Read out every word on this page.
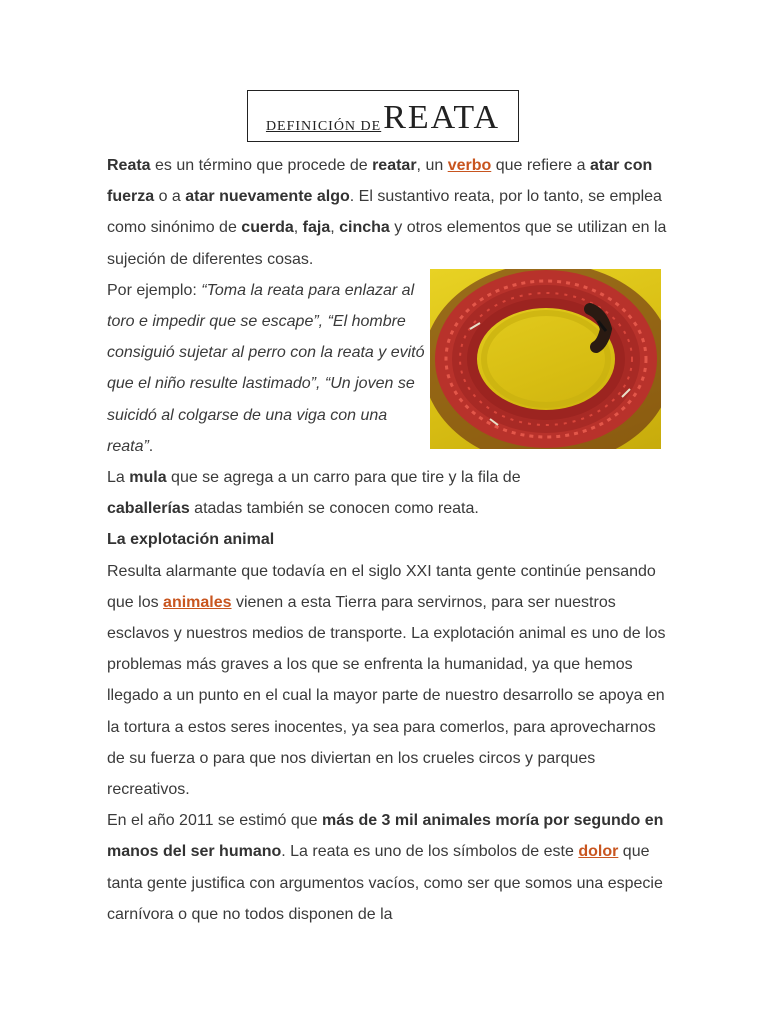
DEFINICIÓN DE REATA

Reata es un término que procede de reatar, un verbo que refiere a atar con fuerza o a atar nuevamente algo. El sustantivo reata, por lo tanto, se emplea como sinónimo de cuerda, faja, cincha y otros elementos que se utilizan en la sujeción de diferentes cosas.

Por ejemplo: “Toma la reata para enlazar al toro e impedir que se escape”, “El hombre consiguió sujetar al perro con la reata y evitó que el niño resulte lastimado”, “Un joven se suicidó al colgarse de una viga con una reata”.

La mula que se agrega a un carro para que tire y la fila de caballerías atadas también se conocen como reata.

La explotación animal

Resulta alarmante que todavía en el siglo XXI tanta gente continúe pensando que los animales vienen a esta Tierra para servirnos, para ser nuestros esclavos y nuestros medios de transporte. La explotación animal es uno de los problemas más graves a los que se enfrenta la humanidad, ya que hemos llegado a un punto en el cual la mayor parte de nuestro desarrollo se apoya en la tortura a estos seres inocentes, ya sea para comerlos, para aprovecharnos de su fuerza o para que nos diviertan en los crueles circos y parques recreativos.

En el año 2011 se estimó que más de 3 mil animales moría por segundo en manos del ser humano. La reata es uno de los símbolos de este dolor que tanta gente justifica con argumentos vacíos, como ser que somos una especie carnívora o que no todos disponen de la
